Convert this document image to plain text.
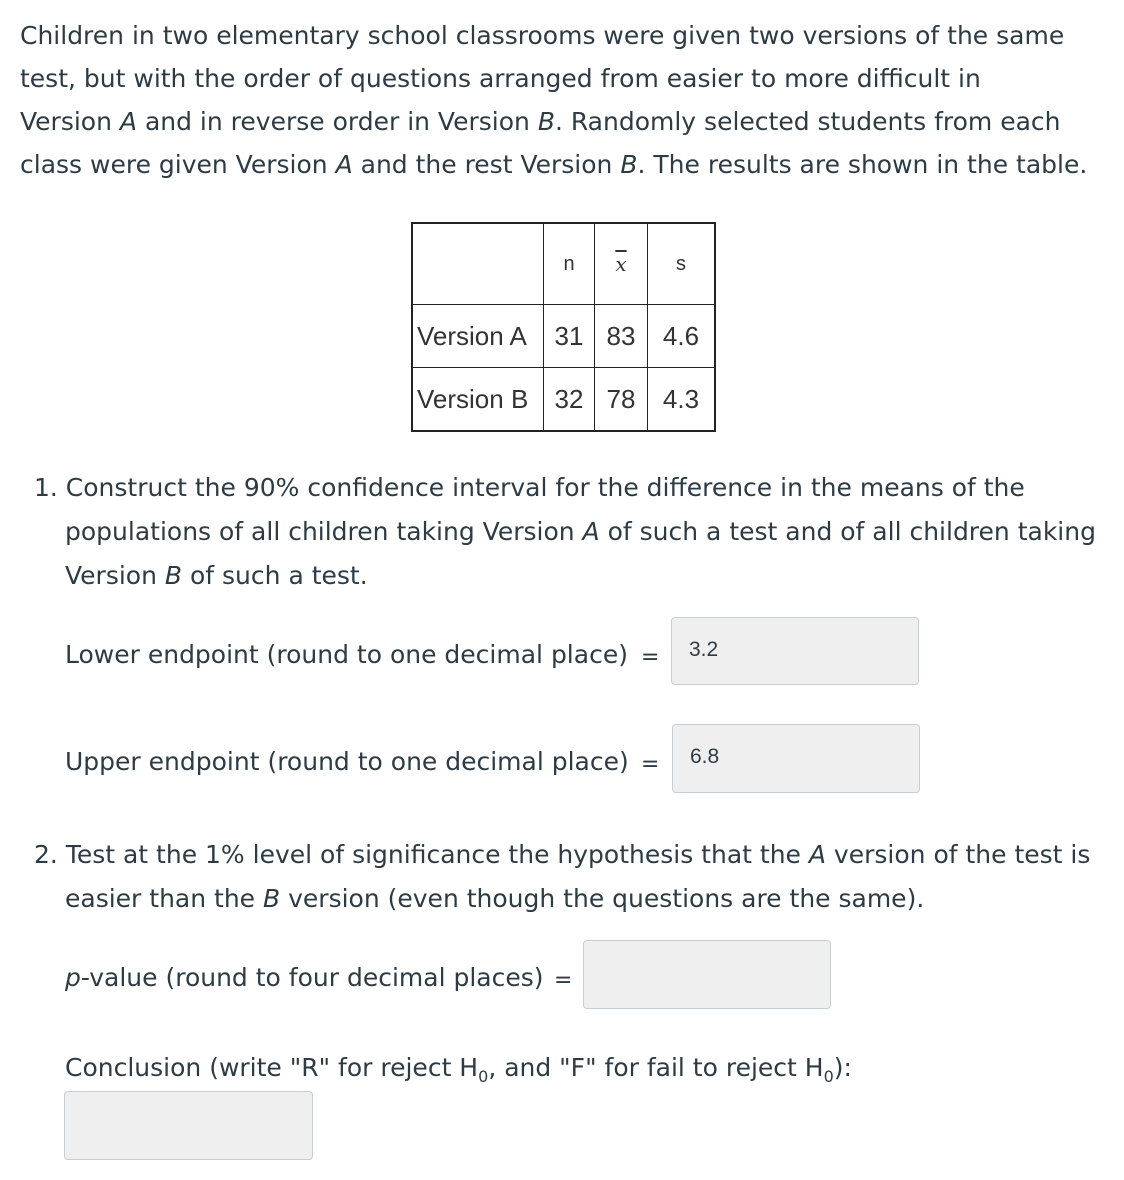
Children in two elementary school classrooms were given two versions of the same

test, but with the order of questions arranged from easier to more difficult in

Version A and in reverse order in Version B. Randomly selected students from each

class were given Version A and the rest Version B. The results are shown in the table.

	n	$\overline{x}$	s
Version A	31	83	4.6
Version B	32	78	4.3
1. Construct the 90% confidence interval for the difference in the means of the
populations of all children taking Version A of such a test and of all children taking
Version B of such a test.
Lower endpoint (round to one decimal place) =	3.2
Upper endpoint (round to one decimal place) =	6.8
2. Test at the 1% level of significance the hypothesis that the A version of the test is
easier than the B version (even though the questions are the same).
p-value (round to four decimal places) =
Conclusion (write "R" for reject $H_0$, and "F" for fail to reject $H_0$):
